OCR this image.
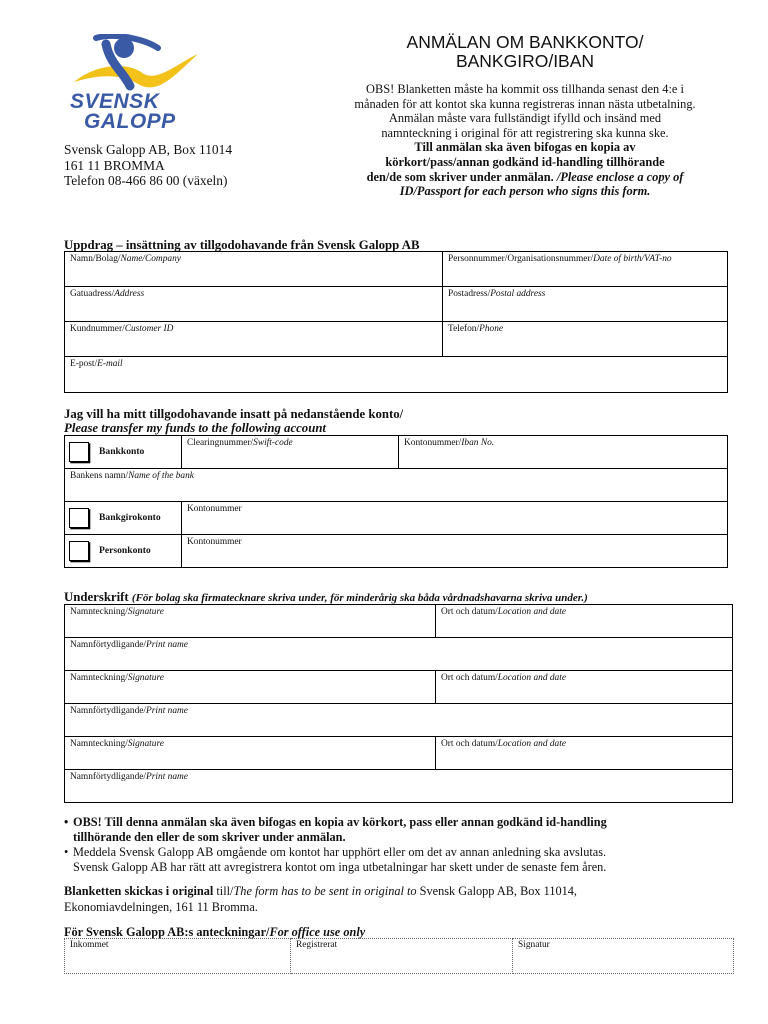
SVENSK
GALOPP
Svensk Galopp AB, Box 11014
161 11 BROMMA
Telefon 08-466 86 00 (växeln)
ANMÄLAN OM BANKKONTO/
BANKGIRO/IBAN
OBS! Blanketten måste ha kommit oss tillhanda senast den 4:e i
månaden för att kontot ska kunna registreras innan nästa utbetalning.
Anmälan måste vara fullständigt ifylld och insänd med
namnteckning i original för att registrering ska kunna ske.
Till anmälan ska även bifogas en kopia av
körkort/pass/annan godkänd id-handling tillhörande
den/de som skriver under anmälan. /Please enclose a copy of
ID/Passport for each person who signs this form.
Uppdrag – insättning av tillgodohavande från Svensk Galopp AB
Namn/Bolag/Name/Company	Personnummer/Organisationsnummer/Date of birth/VAT-no
Gatuadress/Address	Postadress/Postal address
Kundnummer/Customer ID	Telefon/Phone
E-post/E-mail	
Jag vill ha mitt tillgodohavande insatt på nedanstående konto/
Please transfer my funds to the following account
Bankkonto	Clearingnummer/Swift-code	Kontonummer/Iban No.
Bankens namn/Name of the bank		
Bankgirokonto	Kontonummer	
Personkonto	Kontonummer	
Underskrift (För bolag ska firmatecknare skriva under, för minderårig ska båda vårdnadshavarna skriva under.)
Namnteckning/Signature	Ort och datum/Location and date
Namnförtydligande/Print name	
Namnteckning/Signature	Ort och datum/Location and date
Namnförtydligande/Print name	
Namnteckning/Signature	Ort och datum/Location and date
Namnförtydligande/Print name	
• OBS! Till denna anmälan ska även bifogas en kopia av körkort, pass eller annan godkänd id-handling
tillhörande den eller de som skriver under anmälan.
• Meddela Svensk Galopp AB omgående om kontot har upphört eller om det av annan anledning ska avslutas.
Svensk Galopp AB har rätt att avregistrera kontot om inga utbetalningar har skett under de senaste fem åren.
Blanketten skickas i original till/The form has to be sent in original to Svensk Galopp AB, Box 11014,
Ekonomiavdelningen, 161 11 Bromma.
För Svensk Galopp AB:s anteckningar/For office use only
Inkommet	Registrerat	Signatur
